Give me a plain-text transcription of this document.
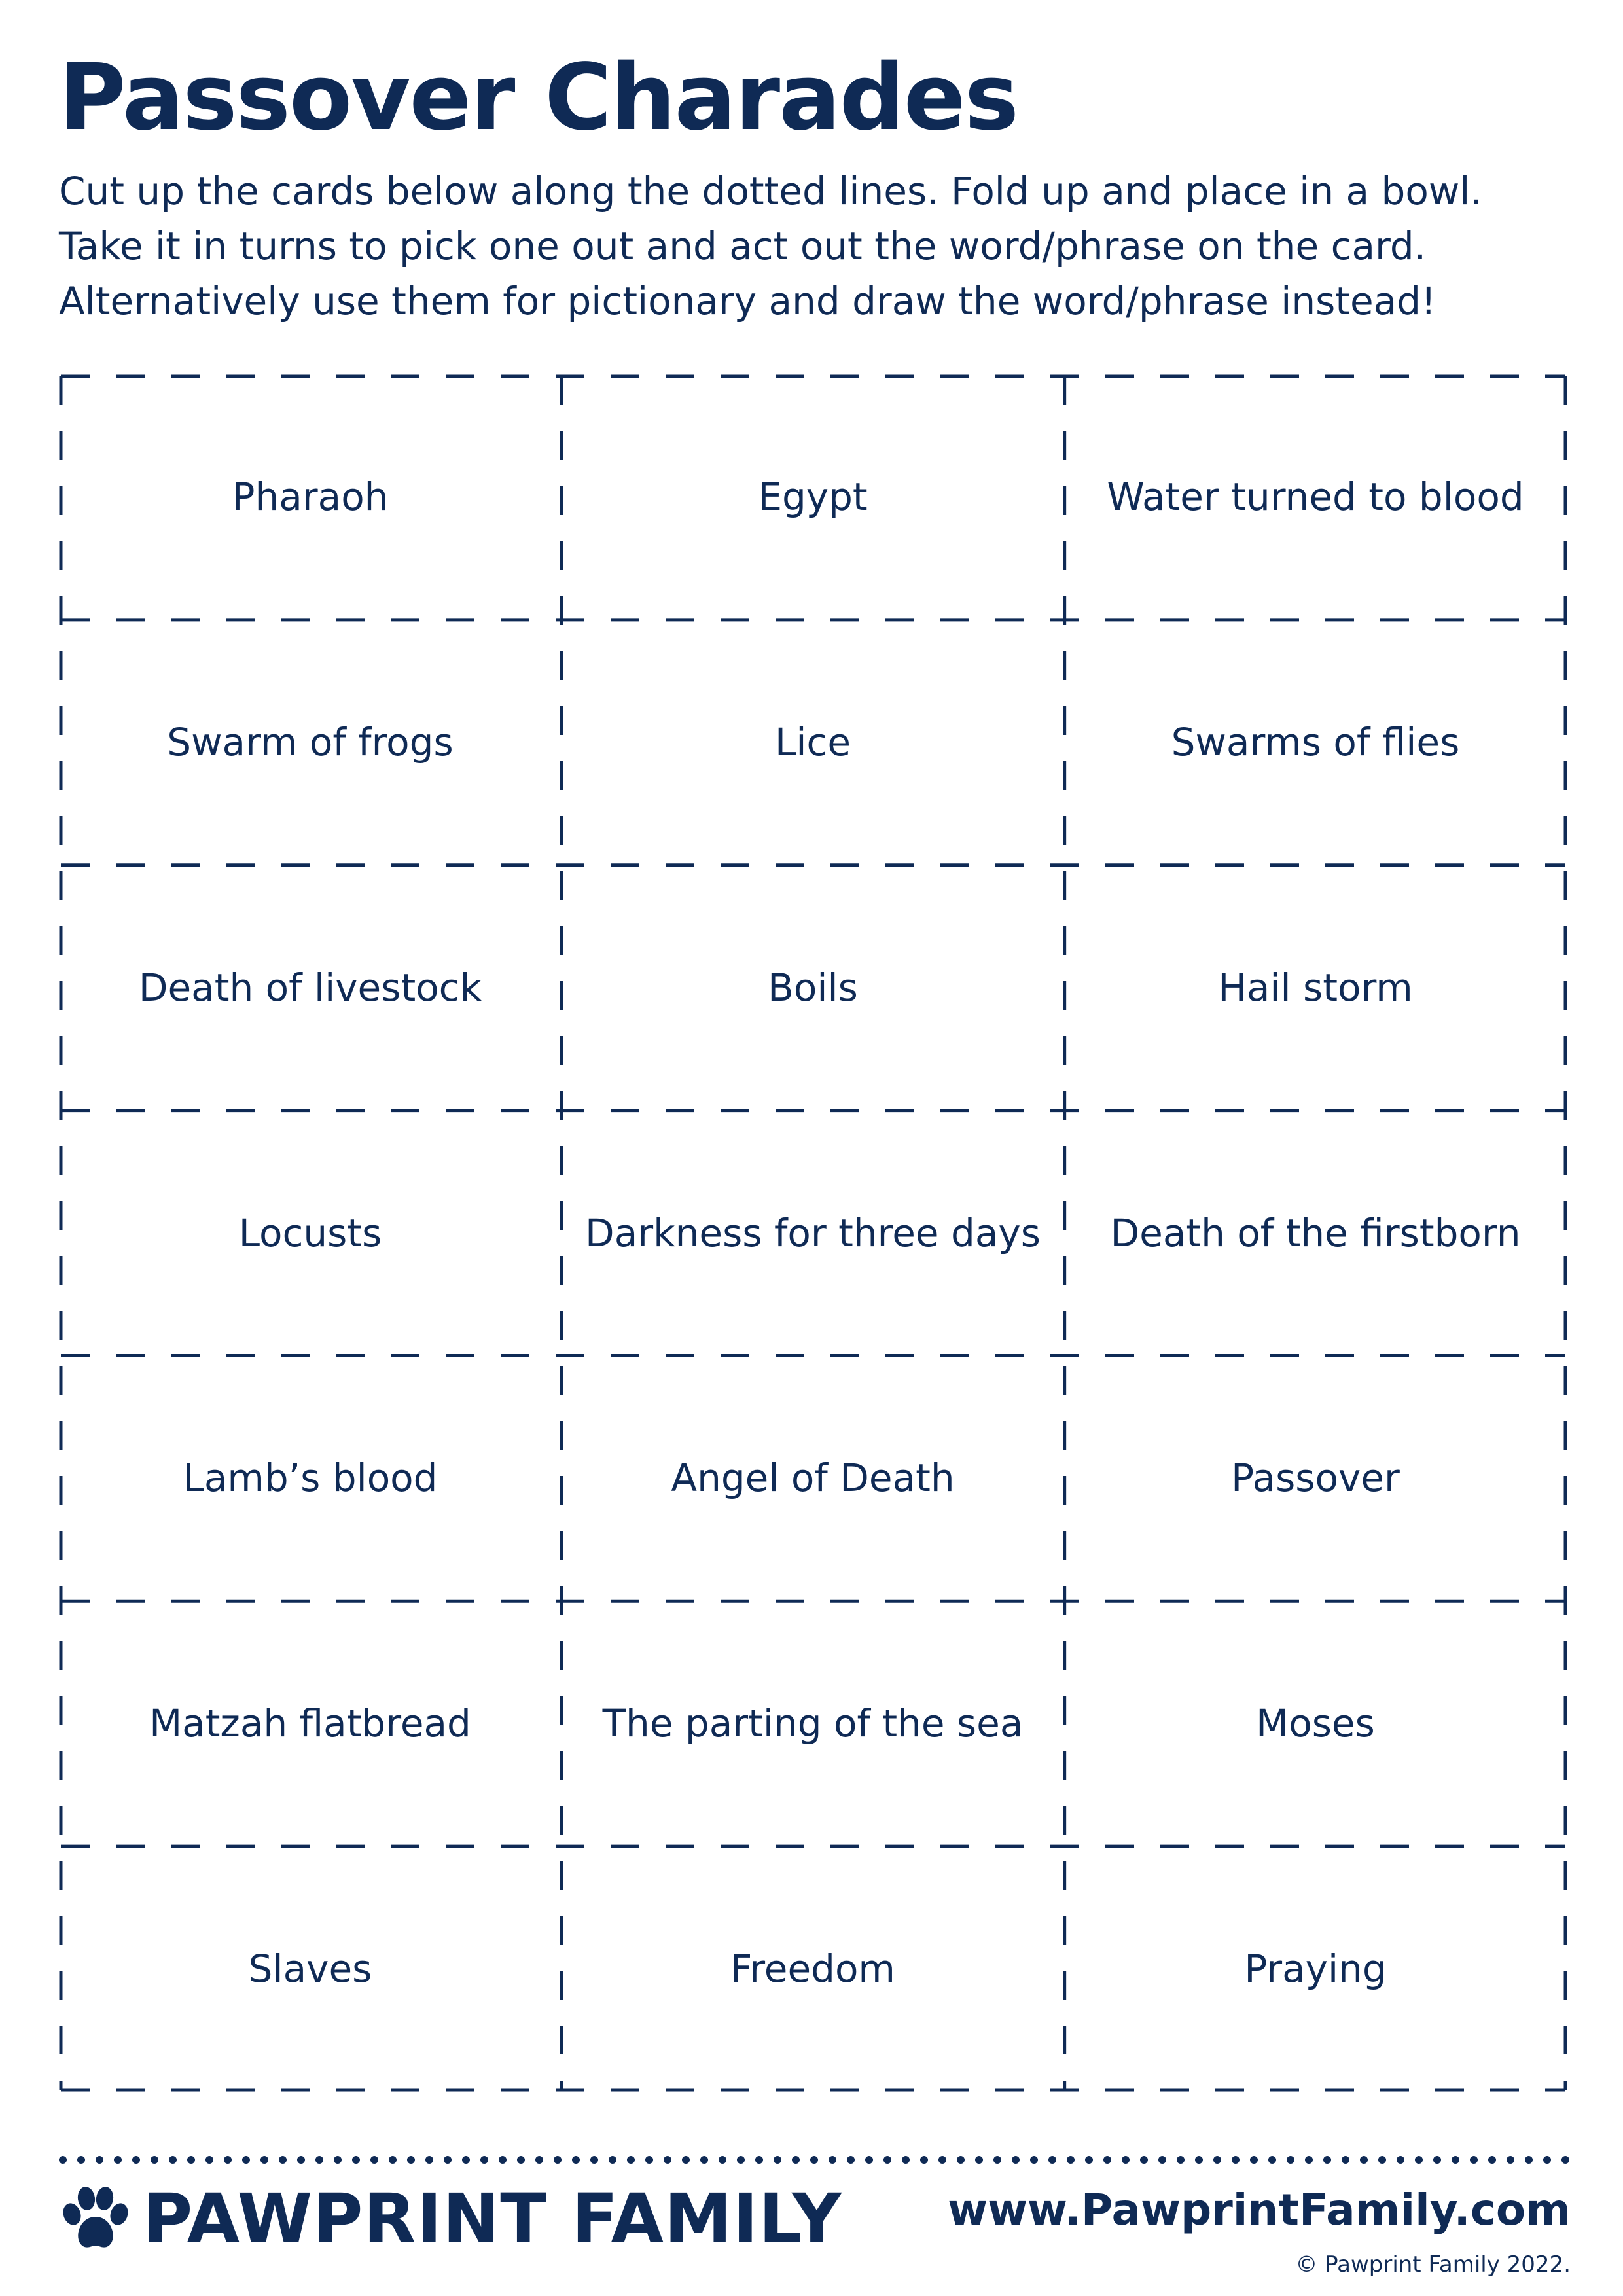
Passover Charades
Cut up the cards below along the dotted lines. Fold up and place in a bowl.
Take it in turns to pick one out and act out the word/phrase on the card.
Alternatively use them for pictionary and draw the word/phrase instead!
Pharaoh	Egypt	Water turned to blood
Swarm of frogs	Lice	Swarms of flies
Death of livestock	Boils	Hail storm
Locusts	Darkness for three days	Death of the firstborn
Lamb’s blood	Angel of Death	Passover
Matzah flatbread	The parting of the sea	Moses
Slaves	Freedom	Praying
PAWPRINT FAMILY www.PawprintFamily.com
© Pawprint Family 2022.
